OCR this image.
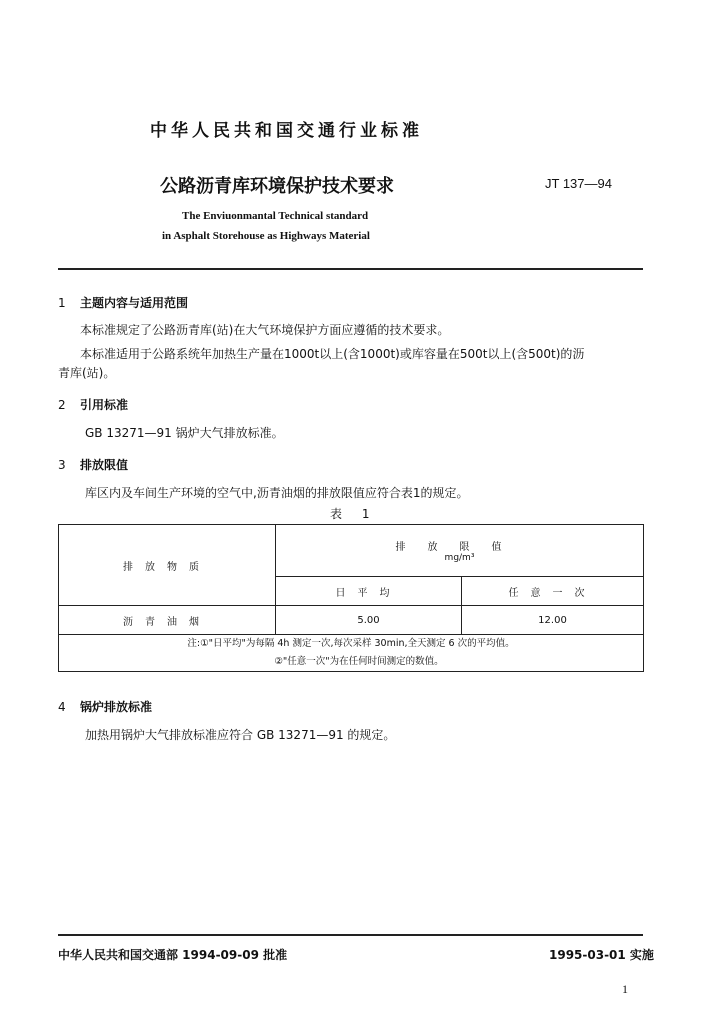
中华人民共和国交通行业标准
公路沥青库环境保护技术要求	JT 137—94
The Enviuonmantal Technical standard
in Asphalt Storehouse as Highways Material
1 主题内容与适用范围
本标准规定了公路沥青库(站)在大气环境保护方面应遵循的技术要求。
本标准适用于公路系统年加热生产量在1000t以上(含1000t)或库容量在500t以上(含500t)的沥
青库(站)。
2 引用标准
GB 13271—91 锅炉大气排放标准。
3 排放限值
库区内及车间生产环境的空气中,沥青油烟的排放限值应符合表1的规定。
表 1
排放物质	排放限值
mg/m³	

	日平均	任意一次
沥青油烟	5.00	12.00
注:①"日平均"为每隔 4h 测定一次,每次采样 30min,全天测定 6 次的平均值。
②"任意一次"为在任何时间测定的数值。		
4 锅炉排放标准
加热用锅炉大气排放标准应符合 GB 13271—91 的规定。
中华人民共和国交通部 1994-09-09 批准	1995-03-01 实施
1
